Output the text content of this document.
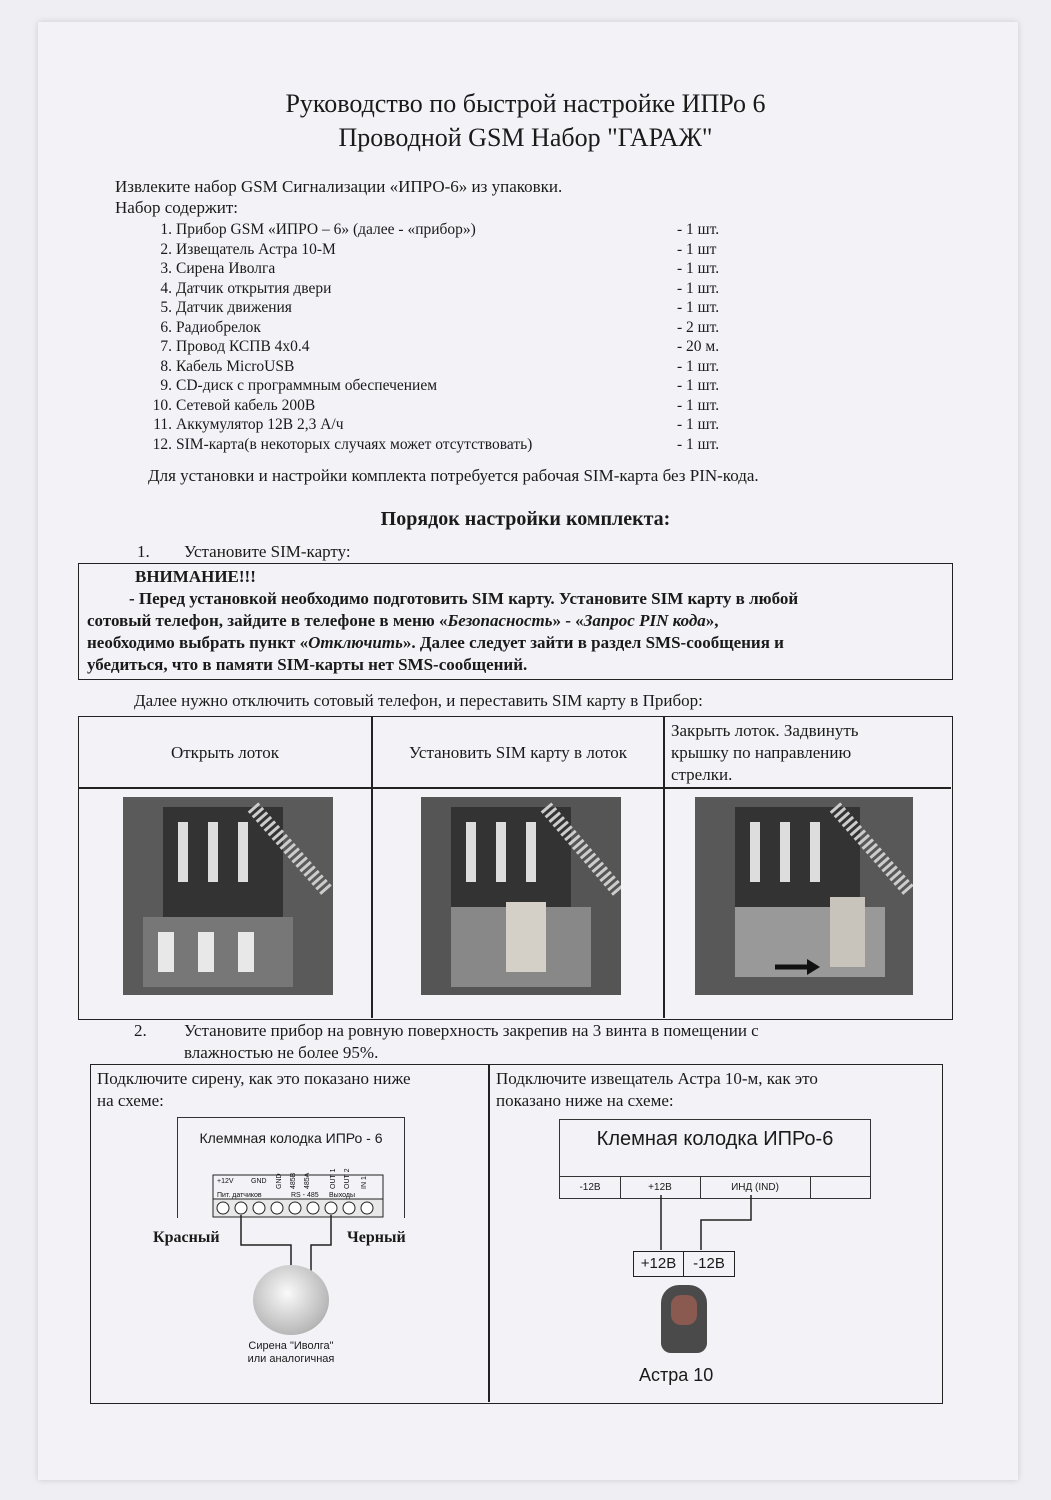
Руководство по быстрой настройке ИПРо 6
Проводной GSM Набор "ГАРАЖ"
Извлеките набор GSM Сигнализации «ИПРО-6» из упаковки.
Набор содержит:
1. Прибор GSM «ИПРО – 6» (далее - «прибор»)	- 1 шт.
2. Извещатель Астра 10-М	- 1 шт
3. Сирена Иволга	- 1 шт.
4. Датчик открытия двери	- 1 шт.
5. Датчик движения	- 1 шт.
6. Радиобрелок	- 2 шт.
7. Провод КСПВ 4х0.4	- 20 м.
8. Кабель MicroUSB	- 1 шт.
9. CD-диск с программным обеспечением	- 1 шт.
10. Сетевой кабель 200В	- 1 шт.
11. Аккумулятор 12В 2,3 А/ч	- 1 шт.
12. SIM-карта(в некоторых случаях может отсутствовать)	- 1 шт.
Для установки и настройки комплекта потребуется рабочая SIM-карта без PIN-кода.
Порядок настройки комплекта:
1. Установите SIM-карту:
ВНИМАНИЕ!!!
- Перед установкой необходимо подготовить SIM карту. Установите SIM карту в любой
сотовый телефон, зайдите в телефоне в меню «Безопасность» - «Запрос PIN кода»,
необходимо выбрать пункт «Отключить». Далее следует зайти в раздел SMS-сообщения и
убедиться, что в памяти SIM-карты нет SMS-сообщений.
Далее нужно отключить сотовый телефон, и переставить SIM карту в Прибор:
Открыть лоток	Установить SIM карту в лоток
Закрыть лоток. Задвинуть
крышку по направлению
стрелки.
2. Установите прибор на ровную поверхность закрепив на 3 винта в помещении с
влажностью не более 95%.
Подключите сирену, как это показано ниже
на схеме:
Подключите извещатель Астра 10-м, как это
показано ниже на схеме:
Клеммная колодка ИПРо - 6
+12V GND GND 485B 485A	OUT 1 OUT 2 IN 1
Пит. датчиков	RS - 485 Выходы
Красный	Черный
Сирена "Иволга"
или аналогичная
Клемная колодка ИПРо-6
-12В	+12В	ИНД (IND)
+12В	-12В
Астра 10
